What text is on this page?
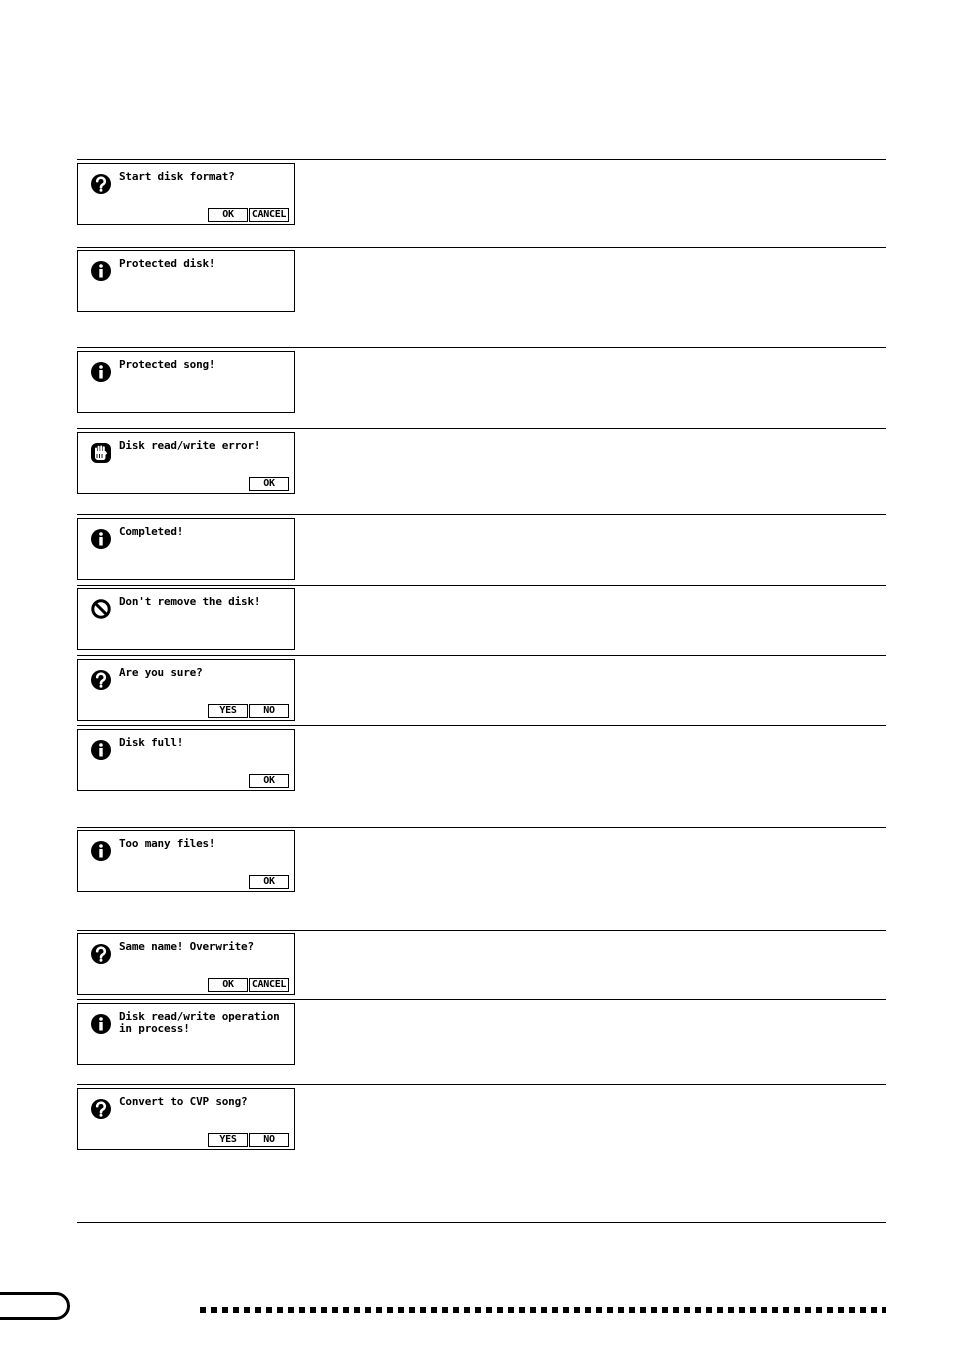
Start disk format?
OK	CANCEL
Protected disk!
Protected song!
Disk read/write error!
OK
Completed!
Don't remove the disk!
Are you sure?
YES	NO
Disk full!
OK
Too many files!
OK
Same name! Overwrite?
OK	CANCEL
Disk read/write operation
in process!
Convert to CVP song?
YES	NO
